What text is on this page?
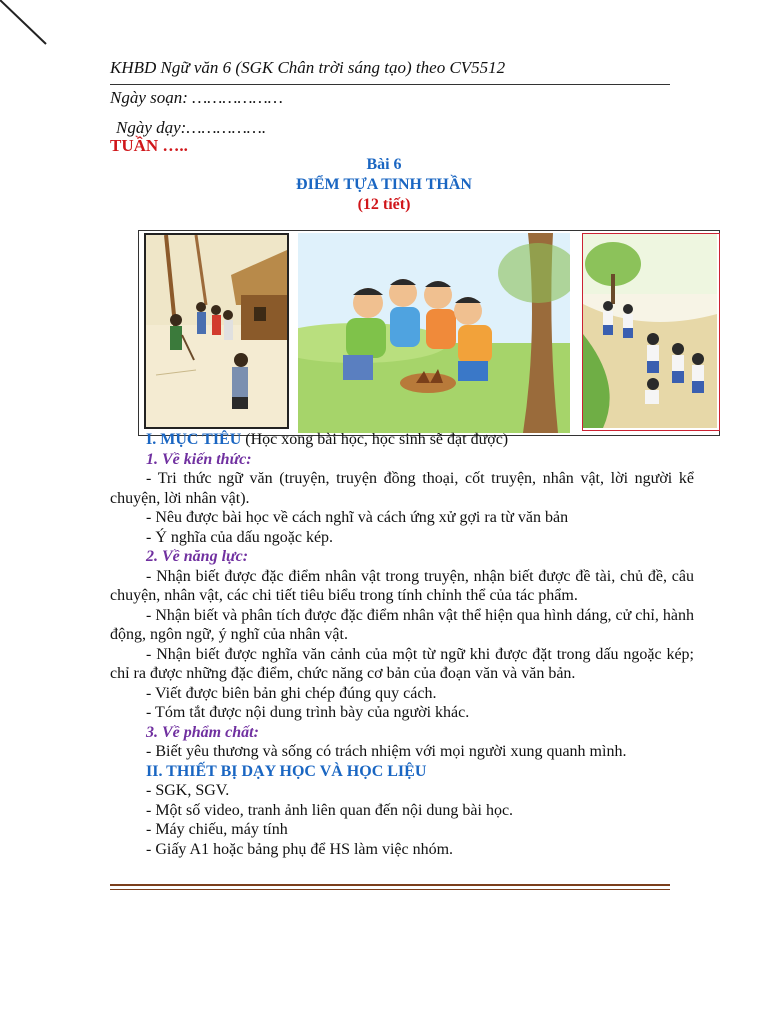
KHBD Ngữ văn 6 (SGK Chân trời sáng tạo) theo CV5512
Ngày soạn: ………………
Ngày dạy:…………….
TUẦN …..
Bài 6
ĐIỂM TỰA TINH THẦN
(12 tiết)

I. MỤC TIÊU (Học xong bài học, học sinh sẽ đạt được)

1. Về kiến thức:

- Tri thức ngữ văn (truyện, truyện đồng thoại, cốt truyện, nhân vật, lời người kể chuyện, lời nhân vật).

- Nêu được bài học về cách nghĩ và cách ứng xử gợi ra từ văn bản

- Ý nghĩa của dấu ngoặc kép.

2. Về năng lực:

- Nhận biết được đặc điểm nhân vật trong truyện, nhận biết được đề tài, chủ đề, câu chuyện, nhân vật, các chi tiết tiêu biểu trong tính chỉnh thể của tác phẩm.

- Nhận biết và phân tích được đặc điểm nhân vật thể hiện qua hình dáng, cử chỉ, hành động, ngôn ngữ, ý nghĩ của nhân vật.

- Nhận biết được nghĩa văn cảnh của một từ ngữ khi được đặt trong dấu ngoặc kép; chỉ ra được những đặc điểm, chức năng cơ bản của đoạn văn và văn bản.

- Viết được biên bản ghi chép đúng quy cách.

- Tóm tắt được nội dung trình bày của người khác.

3. Về phẩm chất:

- Biết yêu thương và sống có trách nhiệm với mọi người xung quanh mình.

II. THIẾT BỊ DẠY HỌC VÀ HỌC LIỆU

- SGK, SGV.

- Một số video, tranh ảnh liên quan đến nội dung bài học.

- Máy chiếu, máy tính

- Giấy A1 hoặc bảng phụ để HS làm việc nhóm.
